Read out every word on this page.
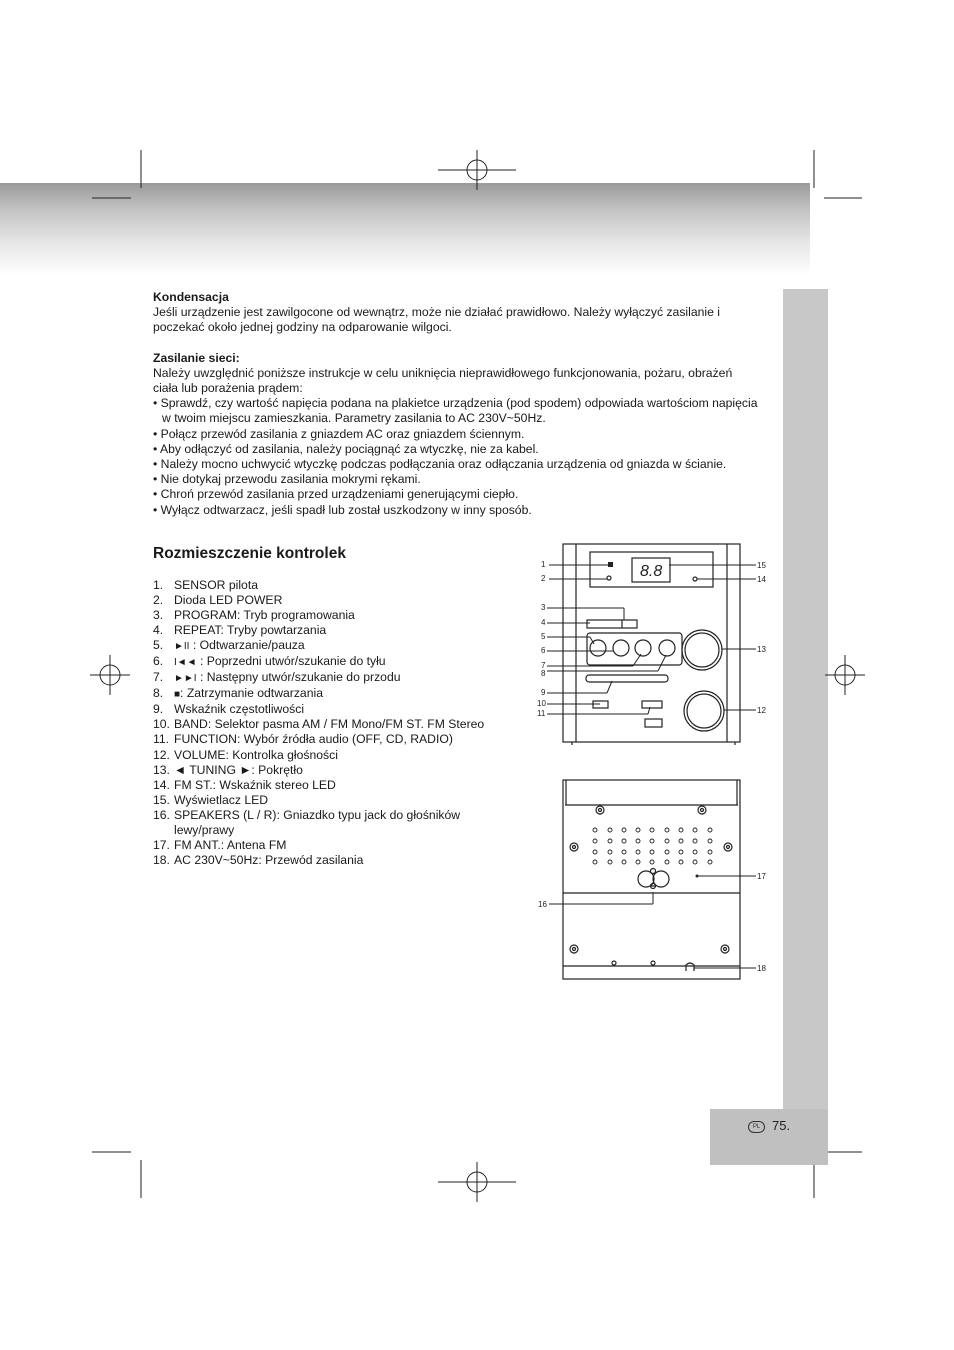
Kondensacja

Jeśli urządzenie jest zawilgocone od wewnątrz, może nie działać prawidłowo. Należy wyłączyć zasilanie i

poczekać około jednej godziny na odparowanie wilgoci.

Zasilanie sieci:

Należy uwzględnić poniższe instrukcje w celu uniknięcia nieprawidłowego funkcjonowania, pożaru, obrażeń

ciała lub porażenia prądem:

• Sprawdź, czy wartość napięcia podana na plakietce urządzenia (pod spodem) odpowiada wartościom napięcia w twoim miejscu zamieszkania. Parametry zasilania to AC 230V~50Hz.

• Połącz przewód zasilania z gniazdem AC oraz gniazdem ściennym.

• Aby odłączyć od zasilania, należy pociągnąć za wtyczkę, nie za kabel.

• Należy mocno uchwycić wtyczkę podczas podłączania oraz odłączania urządzenia od gniazda w ścianie.

• Nie dotykaj przewodu zasilania mokrymi rękami.

• Chroń przewód zasilania przed urządzeniami generującymi ciepło.

• Wyłącz odtwarzacz, jeśli spadł lub został uszkodzony w inny sposób.

Rozmieszczenie kontrolek
1. SENSOR pilota
2. Dioda LED POWER
3. PROGRAM: Tryb programowania
4. REPEAT: Tryby powtarzania
5.	►II : Odtwarzanie/pauza
6.	I◄◄ : Poprzedni utwór/szukanie do tyłu
7.	►►I : Następny utwór/szukanie do przodu
8.	■: Zatrzymanie odtwarzania
9. Wskaźnik częstotliwości
10. BAND: Selektor pasma AM / FM Mono/FM ST. FM Stereo
11. FUNCTION: Wybór źródła audio (OFF, CD, RADIO)
12. VOLUME: Kontrolka głośności
13. ◄ TUNING ►: Pokrętło
14. FM ST.: Wskaźnik stereo LED
15. Wyświetlacz LED
16. SPEAKERS (L / R): Gniazdko typu jack do głośników lewy/prawy
17. FM ANT.: Antena FM
18. AC 230V~50Hz: Przewód zasilania
8.8
1
2
3
4
5
6
7
8
9
10
11
15
14
13
12
16
17
18
PL 75.
